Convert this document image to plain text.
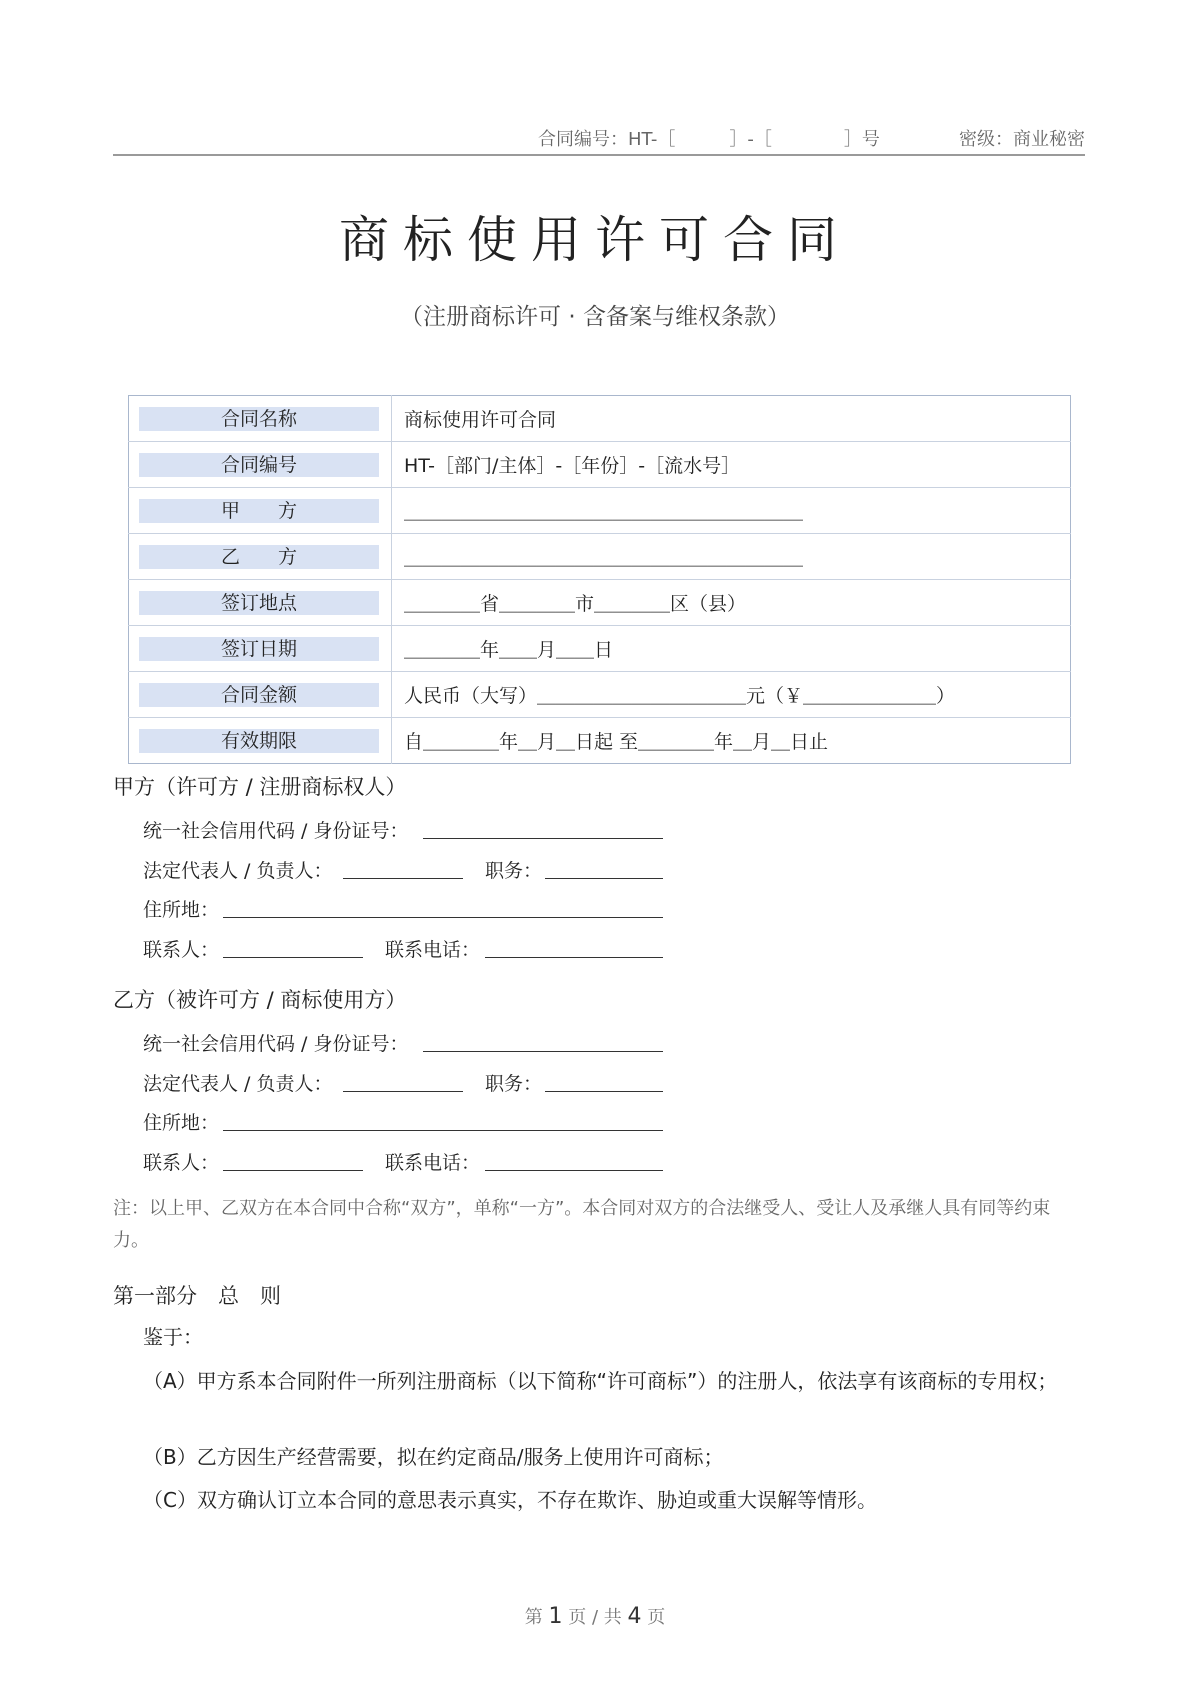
合同编号：HT-［　　　］-［　　　　］号	密级：商业秘密
商标使用许可合同
（注册商标许可 · 含备案与维权条款）
合同名称	商标使用许可合同

合同编号	HT-［部门/主体］-［年份］-［流水号］

甲　　方	＿＿＿＿＿＿＿＿＿＿＿＿＿＿＿＿＿＿＿＿＿

乙　　方	＿＿＿＿＿＿＿＿＿＿＿＿＿＿＿＿＿＿＿＿＿

签订地点	＿＿＿＿省＿＿＿＿市＿＿＿＿区（县）

签订日期	＿＿＿＿年＿＿月＿＿日

合同金额	人民币（大写）＿＿＿＿＿＿＿＿＿＿＿元（￥＿＿＿＿＿＿＿）

有效期限	自＿＿＿＿年＿月＿日起 至＿＿＿＿年＿月＿日止
甲方（许可方 / 注册商标权人）
统一社会信用代码 / 身份证号：
法定代表人 / 负责人：	职务：
住所地：
联系人：	联系电话：
乙方（被许可方 / 商标使用方）
统一社会信用代码 / 身份证号：
法定代表人 / 负责人：	职务：
住所地：
联系人：	联系电话：
注：以上甲、乙双方在本合同中合称“双方”，单称“一方”。本合同对双方的合法继受人、受让人及承继人具有同等约束力。
第一部分　总　则
鉴于：
（A）甲方系本合同附件一所列注册商标（以下简称“许可商标”）的注册人，依法享有该商标的专用权；
（B）乙方因生产经营需要，拟在约定商品/服务上使用许可商标；
（C）双方确认订立本合同的意思表示真实，不存在欺诈、胁迫或重大误解等情形。
第 1 页 / 共 4 页
